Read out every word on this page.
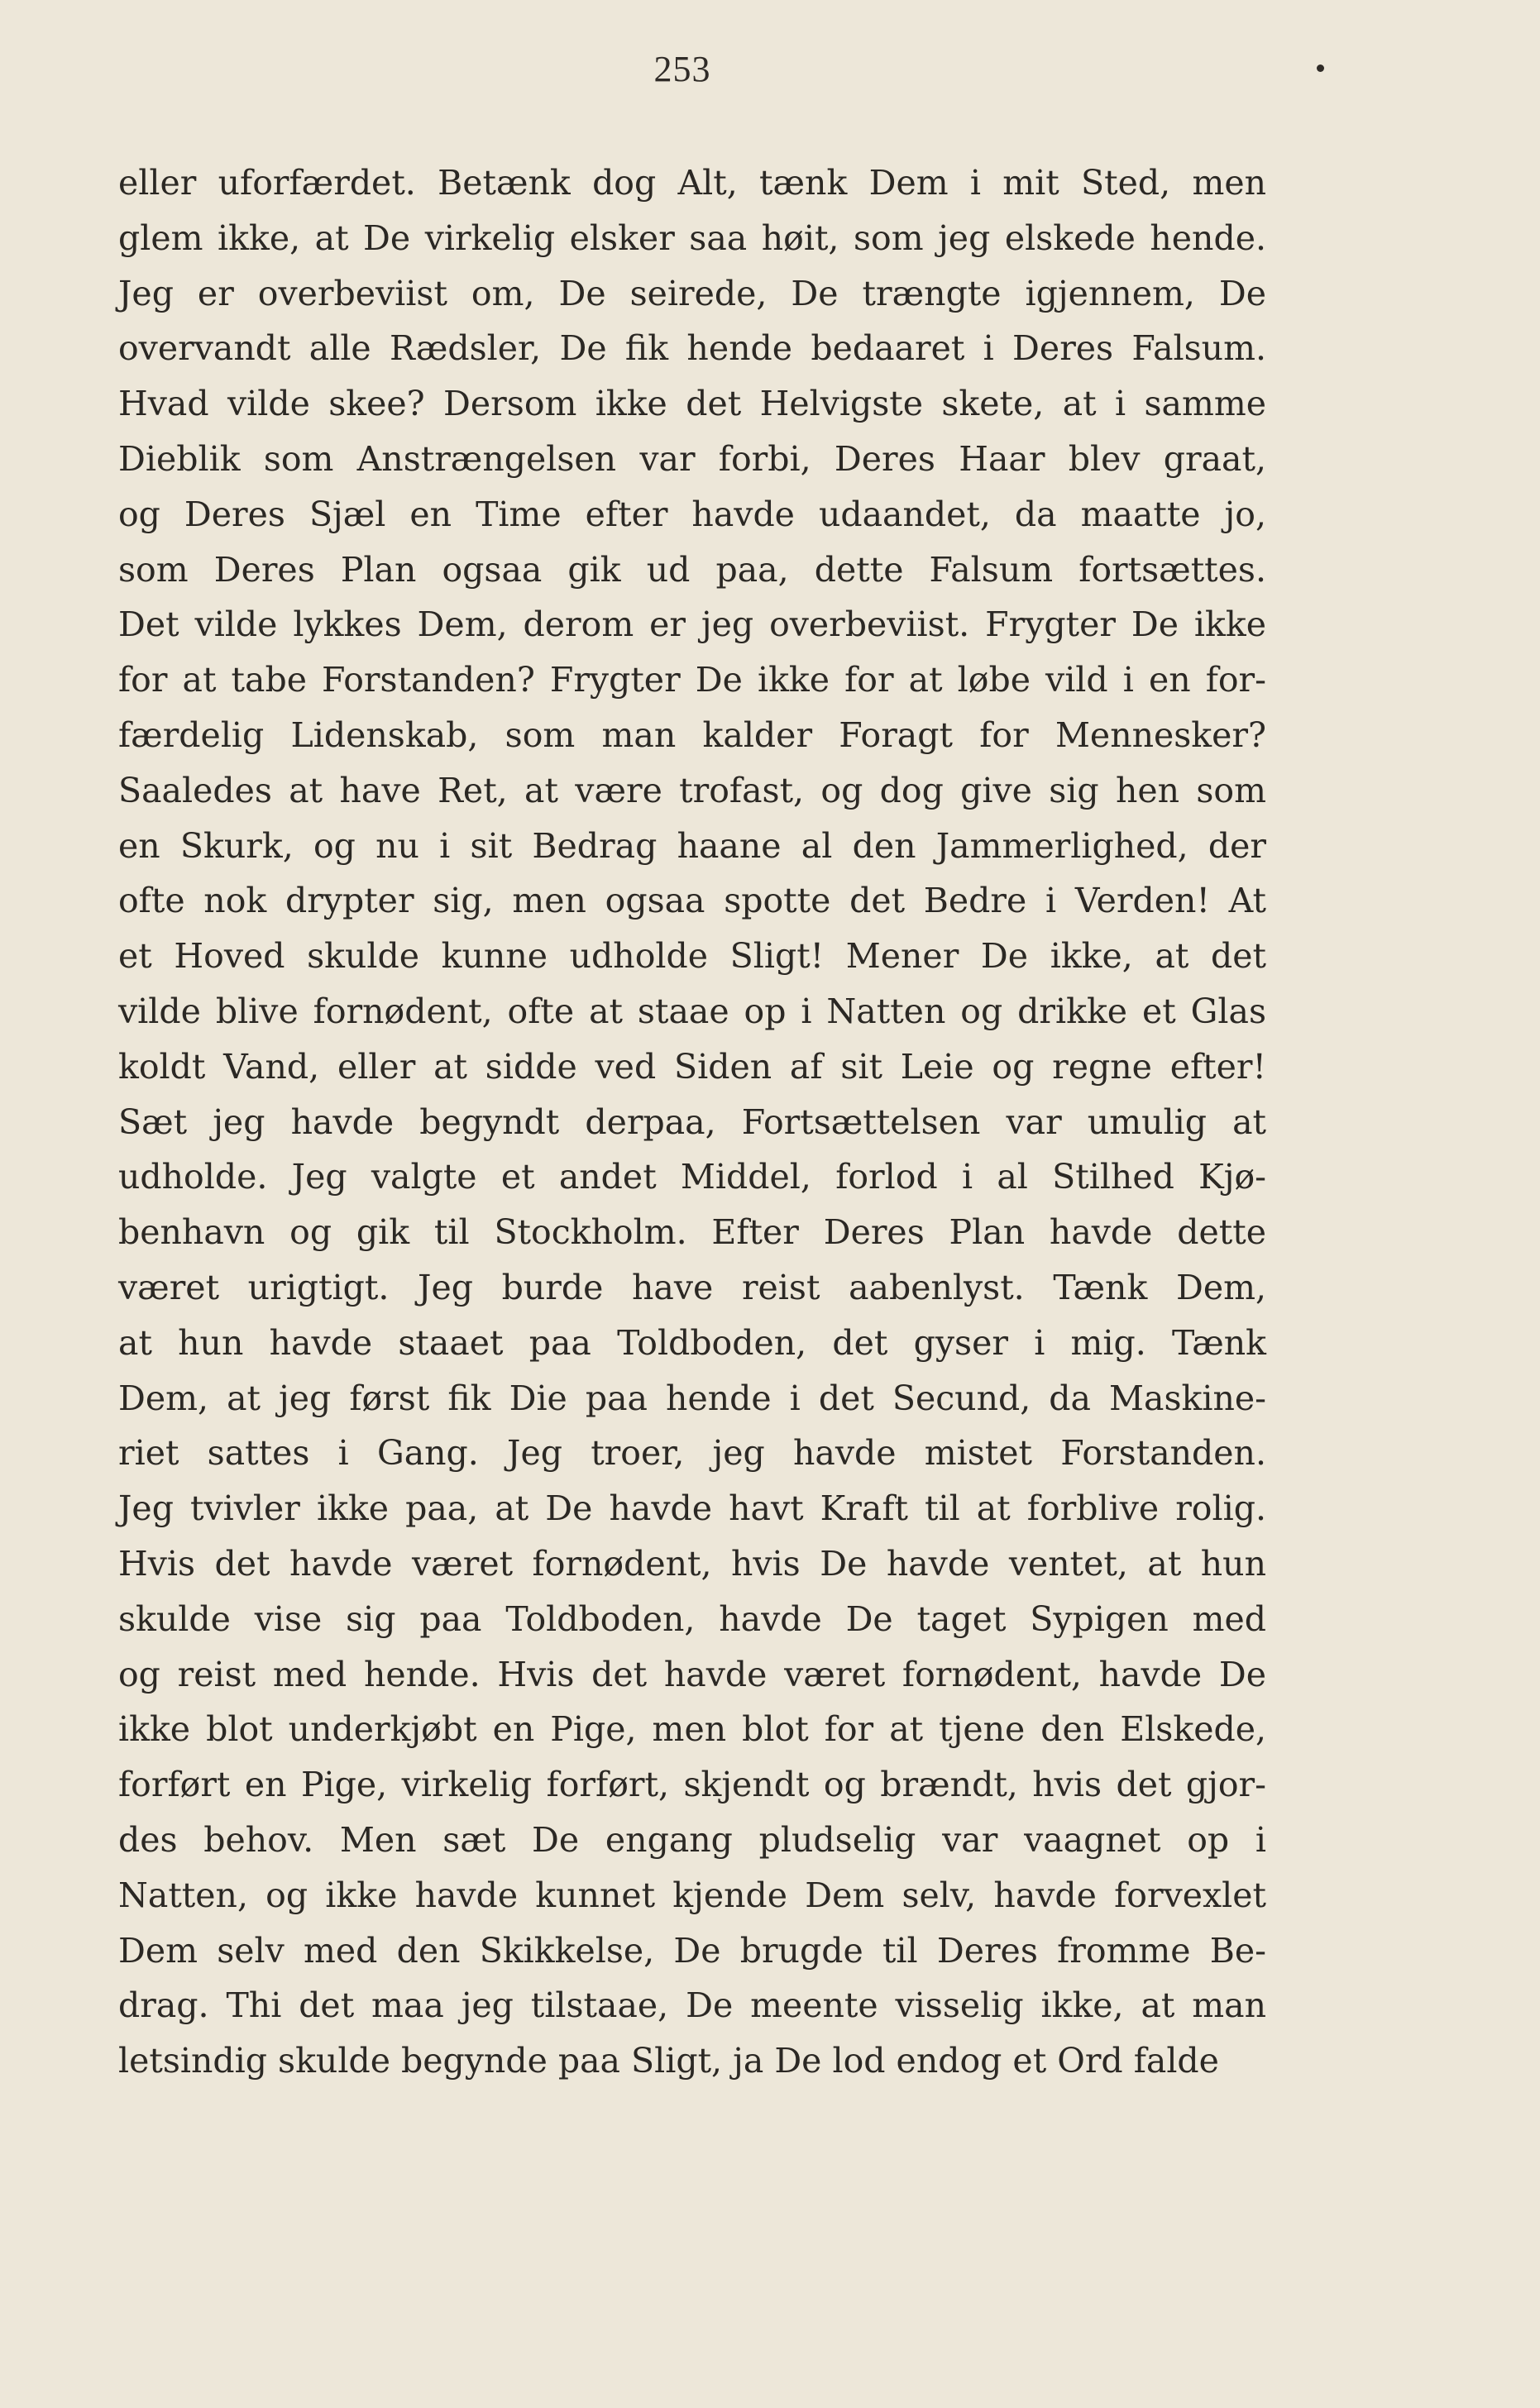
253
eller uforfærdet. Betænk dog Alt, tænk Dem i mit Sted, men
glem ikke, at De virkelig elsker saa høit, som jeg elskede hende.
Jeg er overbeviist om, De seirede, De trængte igjennem, De
overvandt alle Rædsler, De fik hende bedaaret i Deres Falsum.
Hvad vilde skee? Dersom ikke det Helvigste skete, at i samme
Dieblik som Anstrængelsen var forbi, Deres Haar blev graat,
og Deres Sjæl en Time efter havde udaandet, da maatte jo,
som Deres Plan ogsaa gik ud paa, dette Falsum fortsættes.
Det vilde lykkes Dem, derom er jeg overbeviist. Frygter De ikke
for at tabe Forstanden? Frygter De ikke for at løbe vild i en for-
færdelig Lidenskab, som man kalder Foragt for Mennesker?
Saaledes at have Ret, at være trofast, og dog give sig hen som
en Skurk, og nu i sit Bedrag haane al den Jammerlighed, der
ofte nok drypter sig, men ogsaa spotte det Bedre i Verden! At
et Hoved skulde kunne udholde Sligt! Mener De ikke, at det
vilde blive fornødent, ofte at staae op i Natten og drikke et Glas
koldt Vand, eller at sidde ved Siden af sit Leie og regne efter!
Sæt jeg havde begyndt derpaa, Fortsættelsen var umulig at
udholde. Jeg valgte et andet Middel, forlod i al Stilhed Kjø-
benhavn og gik til Stockholm. Efter Deres Plan havde dette
været urigtigt. Jeg burde have reist aabenlyst. Tænk Dem,
at hun havde staaet paa Toldboden, det gyser i mig. Tænk
Dem, at jeg først fik Die paa hende i det Secund, da Maskine-
riet sattes i Gang. Jeg troer, jeg havde mistet Forstanden.
Jeg tvivler ikke paa, at De havde havt Kraft til at forblive rolig.
Hvis det havde været fornødent, hvis De havde ventet, at hun
skulde vise sig paa Toldboden, havde De taget Sypigen med
og reist med hende. Hvis det havde været fornødent, havde De
ikke blot underkjøbt en Pige, men blot for at tjene den Elskede,
forført en Pige, virkelig forført, skjendt og brændt, hvis det gjor-
des behov. Men sæt De engang pludselig var vaagnet op i
Natten, og ikke havde kunnet kjende Dem selv, havde forvexlet
Dem selv med den Skikkelse, De brugde til Deres fromme Be-
drag. Thi det maa jeg tilstaae, De meente visselig ikke, at man
letsindig skulde begynde paa Sligt, ja De lod endog et Ord falde
